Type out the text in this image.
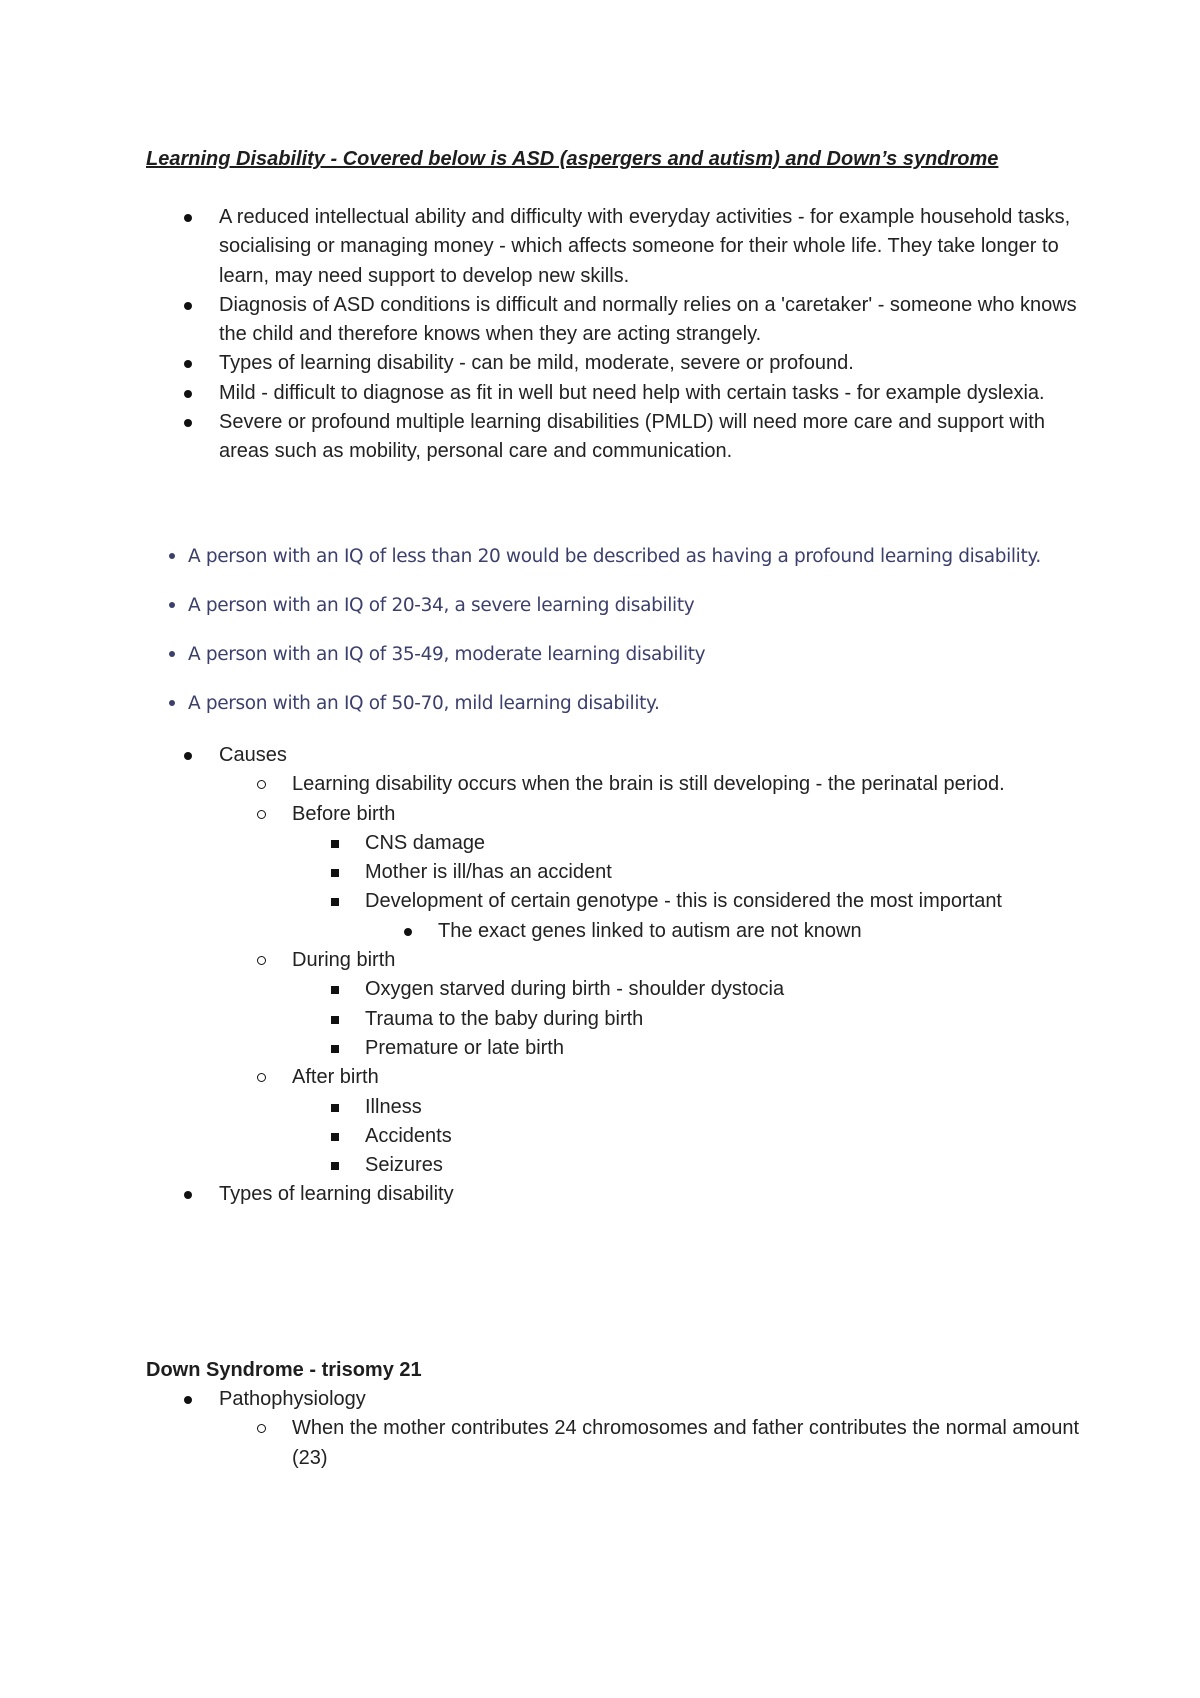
Learning Disability - Covered below is ASD (aspergers and autism) and Down’s syndrome
A reduced intellectual ability and difficulty with everyday activities - for example household tasks, socialising or managing money - which affects someone for their whole life. They take longer to learn, may need support to develop new skills.
Diagnosis of ASD conditions is difficult and normally relies on a 'caretaker' - someone who knows the child and therefore knows when they are acting strangely.
Types of learning disability - can be mild, moderate, severe or profound.
Mild - difficult to diagnose as fit in well but need help with certain tasks - for example dyslexia.
Severe or profound multiple learning disabilities (PMLD) will need more care and support with areas such as mobility, personal care and communication.
A person with an IQ of less than 20 would be described as having a profound learning disability.
A person with an IQ of 20-34, a severe learning disability
A person with an IQ of 35-49, moderate learning disability
A person with an IQ of 50-70, mild learning disability.
Causes
Learning disability occurs when the brain is still developing - the perinatal period.
Before birth
CNS damage
Mother is ill/has an accident
Development of certain genotype - this is considered the most important
The exact genes linked to autism are not known
During birth
Oxygen starved during birth - shoulder dystocia
Trauma to the baby during birth
Premature or late birth
After birth
Illness
Accidents
Seizures
Types of learning disability
Down Syndrome - trisomy 21
Pathophysiology
When the mother contributes 24 chromosomes and father contributes the normal amount (23)
